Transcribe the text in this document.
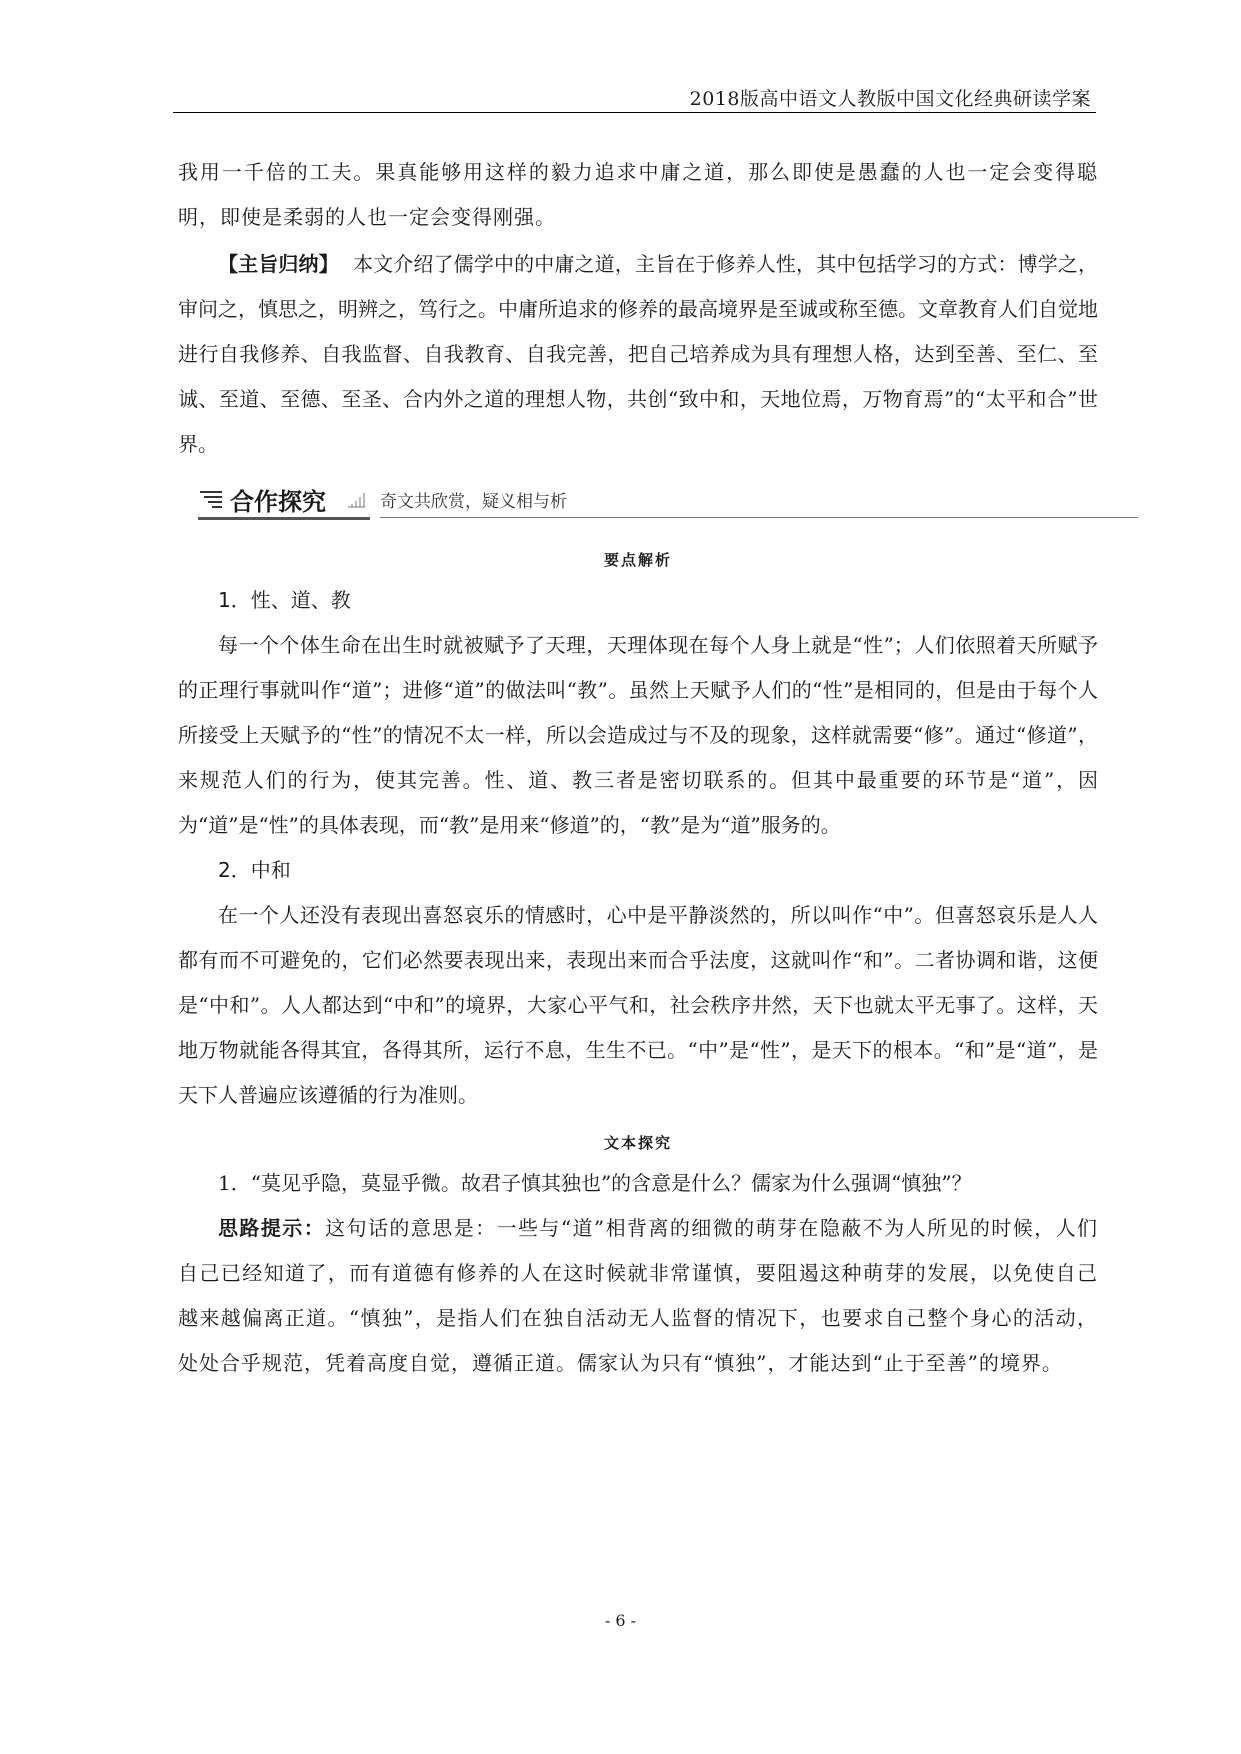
2018版高中语文人教版中国文化经典研读学案

我用一千倍的工夫。果真能够用这样的毅力追求中庸之道，那么即使是愚蠢的人也一定会变得聪明，即使是柔弱的人也一定会变得刚强。

【主旨归纳】 本文介绍了儒学中的中庸之道，主旨在于修养人性，其中包括学习的方式：博学之，审问之，慎思之，明辨之，笃行之。中庸所追求的修养的最高境界是至诚或称至德。文章教育人们自觉地进行自我修养、自我监督、自我教育、自我完善，把自己培养成为具有理想人格，达到至善、至仁、至诚、至道、至德、至圣、合内外之道的理想人物，共创“致中和，天地位焉，万物育焉”的“太平和合”世界。

合作探究	奇文共欣赏，疑义相与析
要点解析

1．性、道、教

每一个个体生命在出生时就被赋予了天理，天理体现在每个人身上就是“性”；人们依照着天所赋予的正理行事就叫作“道”；进修“道”的做法叫“教”。虽然上天赋予人们的“性”是相同的，但是由于每个人所接受上天赋予的“性”的情况不太一样，所以会造成过与不及的现象，这样就需要“修”。通过“修道”，来规范人们的行为，使其完善。性、道、教三者是密切联系的。但其中最重要的环节是“道”，因为“道”是“性”的具体表现，而“教”是用来“修道”的，“教”是为“道”服务的。

2．中和

在一个人还没有表现出喜怒哀乐的情感时，心中是平静淡然的，所以叫作“中”。但喜怒哀乐是人人都有而不可避免的，它们必然要表现出来，表现出来而合乎法度，这就叫作“和”。二者协调和谐，这便是“中和”。人人都达到“中和”的境界，大家心平气和，社会秩序井然，天下也就太平无事了。这样，天地万物就能各得其宜，各得其所，运行不息，生生不已。“中”是“性”，是天下的根本。“和”是“道”，是天下人普遍应该遵循的行为准则。

文本探究

1．“莫见乎隐，莫显乎微。故君子慎其独也”的含意是什么？儒家为什么强调“慎独”？

思路提示：这句话的意思是：一些与“道”相背离的细微的萌芽在隐蔽不为人所见的时候，人们自己已经知道了，而有道德有修养的人在这时候就非常谨慎，要阻遏这种萌芽的发展，以免使自己越来越偏离正道。“慎独”，是指人们在独自活动无人监督的情况下，也要求自己整个身心的活动，处处合乎规范，凭着高度自觉，遵循正道。儒家认为只有“慎独”，才能达到“止于至善”的境界。

- 6 -
